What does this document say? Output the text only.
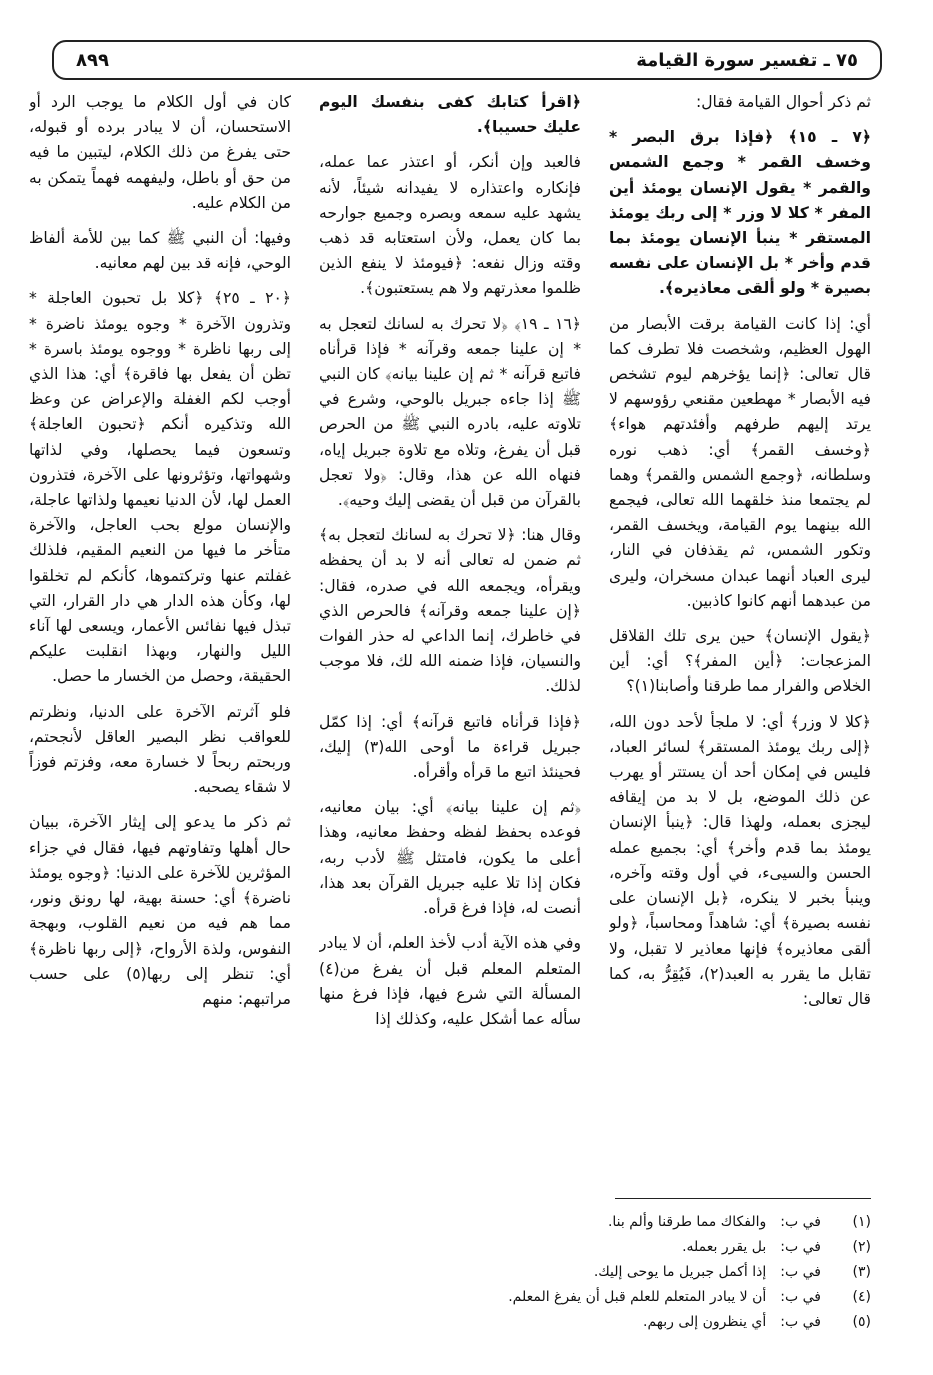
٧٥ ـ تفسير سورة القيامة
٨٩٩

ثم ذكر أحوال القيامة فقال:

﴿٧ ـ ١٥﴾ ﴿فإذا برق البصر * وخسف القمر * وجمع الشمس والقمر * يقول الإنسان يومئذ أين المفر * كلا لا وزر * إلى ربك يومئذ المستقر * ينبأ الإنسان يومئذ بما قدم وأخر * بل الإنسان على نفسه بصيرة * ولو ألقى معاذيره﴾.

أي: إذا كانت القيامة برقت الأبصار من الهول العظيم، وشخصت فلا تطرف كما قال تعالى: ﴿إنما يؤخرهم ليوم تشخص فيه الأبصار * مهطعين مقنعي رؤوسهم لا يرتد إليهم طرفهم وأفئدتهم هواء﴾ ﴿وخسف القمر﴾ أي: ذهب نوره وسلطانه، ﴿وجمع الشمس والقمر﴾ وهما لم يجتمعا منذ خلقهما الله تعالى، فيجمع الله بينهما يوم القيامة، ويخسف القمر، وتكور الشمس، ثم يقذفان في النار، ليرى العباد أنهما عبدان مسخران، وليرى من عبدهما أنهم كانوا كاذبين.

﴿يقول الإنسان﴾ حين يرى تلك القلاقل المزعجات: ﴿أين المفر﴾؟ أي: أين الخلاص والفرار مما طرقنا وأصابنا(١)؟

﴿كلا لا وزر﴾ أي: لا ملجأ لأحد دون الله، ﴿إلى ربك يومئذ المستقر﴾ لسائر العباد، فليس في إمكان أحد أن يستتر أو يهرب عن ذلك الموضع، بل لا بد من إيقافه ليجزى بعمله، ولهذا قال: ﴿ينبأ الإنسان يومئذ بما قدم وأخر﴾ أي: بجميع عمله الحسن والسيىء، في أول وقته وآخره، وينبأ بخبر لا ينكره، ﴿بل الإنسان على نفسه بصيرة﴾ أي: شاهداً ومحاسباً، ﴿ولو ألقى معاذيره﴾ فإنها معاذير لا تقبل، ولا تقابل ما يقرر به العبد(٢)، فَيُقِرُّ به، كما قال تعالى:

﴿اقرأ كتابك كفى بنفسك اليوم عليك حسيبا﴾.

فالعبد وإن أنكر، أو اعتذر عما عمله، فإنكاره واعتذاره لا يفيدانه شيئاً، لأنه يشهد عليه سمعه وبصره وجميع جوارحه بما كان يعمل، ولأن استعتابه قد ذهب وقته وزال نفعه: ﴿فيومئذ لا ينفع الذين ظلموا معذرتهم ولا هم يستعتبون﴾.

﴿١٦ ـ ١٩﴾ ﴿لا تحرك به لسانك لتعجل به * إن علينا جمعه وقرآنه * فإذا قرأناه فاتبع قرآنه * ثم إن علينا بيانه﴾ كان النبي ﷺ إذا جاءه جبريل بالوحي، وشرع في تلاوته عليه، بادره النبي ﷺ من الحرص قبل أن يفرغ، وتلاه مع تلاوة جبريل إياه، فنهاه الله عن هذا، وقال: ﴿ولا تعجل بالقرآن من قبل أن يقضى إليك وحيه﴾.

وقال هنا: ﴿لا تحرك به لسانك لتعجل به﴾ ثم ضمن له تعالى أنه لا بد أن يحفظه ويقرأه، ويجمعه الله في صدره، فقال: ﴿إن علينا جمعه وقرآنه﴾ فالحرص الذي في خاطرك، إنما الداعي له حذر الفوات والنسيان، فإذا ضمنه الله لك، فلا موجب لذلك.

﴿فإذا قرأناه فاتبع قرآنه﴾ أي: إذا كمّل جبريل قراءة ما أوحى الله(٣) إليك، فحينئذ اتبع ما قرأه وأقرأه.

﴿ثم إن علينا بيانه﴾ أي: بيان معانيه، فوعده بحفظ لفظه وحفظ معانيه، وهذا أعلى ما يكون، فامتثل ﷺ لأدب ربه، فكان إذا تلا عليه جبريل القرآن بعد هذا، أنصت له، فإذا فرغ قرأه.

وفي هذه الآية أدب لأخذ العلم، أن لا يبادر المتعلم المعلم قبل أن يفرغ من(٤) المسألة التي شرع فيها، فإذا فرغ منها سأله عما أشكل عليه، وكذلك إذا

كان في أول الكلام ما يوجب الرد أو الاستحسان، أن لا يبادر برده أو قبوله، حتى يفرغ من ذلك الكلام، ليتبين ما فيه من حق أو باطل، وليفهمه فهماً يتمكن به من الكلام عليه.

وفيها: أن النبي ﷺ كما بين للأمة ألفاظ الوحي، فإنه قد بين لهم معانيه.

﴿٢٠ ـ ٢٥﴾ ﴿كلا بل تحبون العاجلة * وتذرون الآخرة * وجوه يومئذ ناضرة * إلى ربها ناظرة * ووجوه يومئذ باسرة * تظن أن يفعل بها فاقرة﴾ أي: هذا الذي أوجب لكم الغفلة والإعراض عن وعظ الله وتذكيره أنكم ﴿تحبون العاجلة﴾ وتسعون فيما يحصلها، وفي لذاتها وشهواتها، وتؤثرونها على الآخرة، فتذرون العمل لها، لأن الدنيا نعيمها ولذاتها عاجلة، والإنسان مولع بحب العاجل، والآخرة متأخر ما فيها من النعيم المقيم، فلذلك غفلتم عنها وتركتموها، كأنكم لم تخلقوا لها، وكأن هذه الدار هي دار القرار، التي تبذل فيها نفائس الأعمار، ويسعى لها آناء الليل والنهار، وبهذا انقلبت عليكم الحقيقة، وحصل من الخسار ما حصل.

فلو آثرتم الآخرة على الدنيا، ونظرتم للعواقب نظر البصير العاقل لأنجحتم، وربحتم ربحاً لا خسارة معه، وفزتم فوزاً لا شقاء يصحبه.

ثم ذكر ما يدعو إلى إيثار الآخرة، ببيان حال أهلها وتفاوتهم فيها، فقال في جزاء المؤثرين للآخرة على الدنيا: ﴿وجوه يومئذ ناضرة﴾ أي: حسنة بهية، لها رونق ونور، مما هم فيه من نعيم القلوب، وبهجة النفوس، ولذة الأرواح، ﴿إلى ربها ناظرة﴾ أي: تنظر إلى ربها(٥) على حسب مراتبهم: منهم

(١)
في ب:
والفكاك مما طرقنا وألم بنا.
(٢)
في ب:
بل يقرر بعمله.
(٣)
في ب:
إذا أكمل جبريل ما يوحى إليك.
(٤)
في ب:
أن لا يبادر المتعلم للعلم قبل أن يفرغ المعلم.
(٥)
في ب:
أي ينظرون إلى ربهم.
